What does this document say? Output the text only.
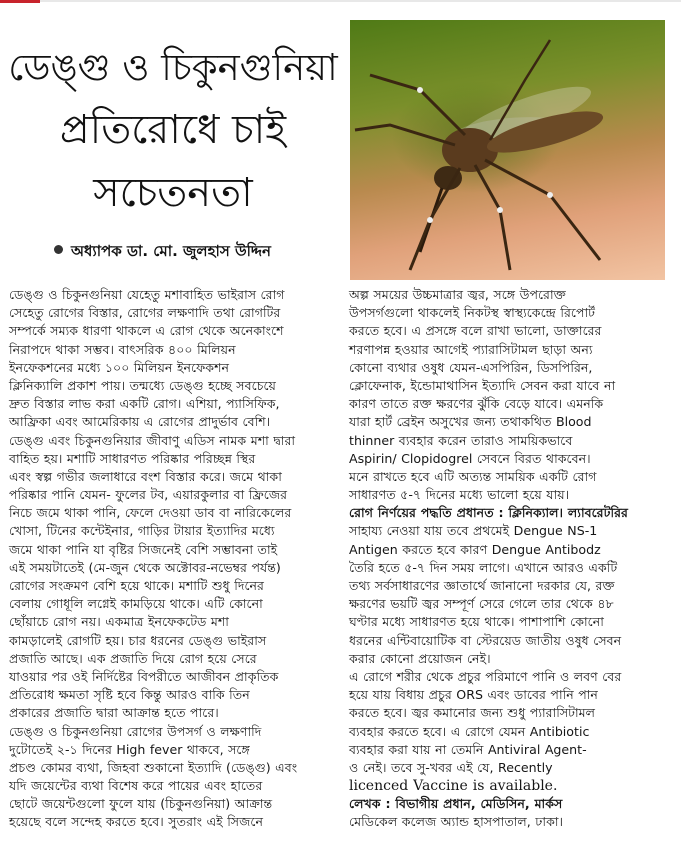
ডেঙ্গু ও চিকুনগুনিয়া
প্রতিরোধে চাই
সচেতনতা
অধ্যাপক ডা. মো. জুলহাস উদ্দিন
ডেঙ্গু ও চিকুনগুনিয়া যেহেতু মশাবাহিত ভাইরাস রোগ
সেহেতু রোগের বিস্তার, রোগের লক্ষণাদি তথা রোগটির
সম্পর্কে সম্যক ধারণা থাকলে এ রোগ থেকে অনেকাংশে
নিরাপদে থাকা সম্ভব। বাৎসরিক ৪০০ মিলিয়ন
ইনফেকশনের মধ্যে ১০০ মিলিয়ন ইনফেকশন
ক্লিনিক্যালি প্রকাশ পায়। তন্মধ্যে ডেঙ্গু হচ্ছে সবচেয়ে
দ্রুত বিস্তার লাভ করা একটি রোগ। এশিয়া, প্যাসিফিক,
আফ্রিকা এবং আমেরিকায় এ রোগের প্রাদুর্ভাব বেশি।
ডেঙ্গু এবং চিকুনগুনিয়ার জীবাণু এডিস নামক মশা দ্বারা
বাহিত হয়। মশাটি সাধারণত পরিষ্কার পরিচ্ছন্ন স্থির
এবং স্বল্প গভীর জলাধারে বংশ বিস্তার করে। জমে থাকা
পরিষ্কার পানি যেমন- ফুলের টব, এয়ারকুলার বা ফ্রিজের
নিচে জমে থাকা পানি, ফেলে দেওয়া ডাব বা নারিকেলের
খোসা, টিনের কন্টেইনার, গাড়ির টায়ার ইত্যাদির মধ্যে
জমে থাকা পানি যা বৃষ্টির সিজনেই বেশি সম্ভাবনা তাই
এই সময়টাতেই (মে-জুন থেকে অক্টোবর-নভেম্বর পর্যন্ত)
রোগের সংক্রমণ বেশি হয়ে থাকে। মশাটি শুধু দিনের
বেলায় গোধূলি লগ্নেই কামড়িয়ে থাকে। এটি কোনো
ছোঁয়াচে রোগ নয়। একমাত্র ইনফেকটেড মশা
কামড়ালেই রোগটি হয়। চার ধরনের ডেঙ্গু ভাইরাস
প্রজাতি আছে। এক প্রজাতি দিয়ে রোগ হয়ে সেরে
যাওয়ার পর ওই নির্দিষ্টের বিপরীতে আজীবন প্রাকৃতিক
প্রতিরোধ ক্ষমতা সৃষ্টি হবে কিন্তু আরও বাকি তিন
প্রকারের প্রজাতি দ্বারা আক্রান্ত হতে পারে।
ডেঙ্গু ও চিকুনগুনিয়া রোগের উপসর্গ ও লক্ষণাদি
দুটোতেই ২-১ দিনের High fever থাকবে, সঙ্গে
প্রচণ্ড কোমর ব্যথা, জিহবা শুকানো ইত্যাদি (ডেঙ্গু) এবং
যদি জয়েন্টের ব্যথা বিশেষ করে পায়ের এবং হাতের
ছোটে জয়েন্টগুলো ফুলে যায় (চিকুনগুনিয়া) আক্রান্ত
হয়েছে বলে সন্দেহ করতে হবে। সুতরাং এই সিজনে
অল্প সময়ের উচ্চমাত্রার জ্বর, সঙ্গে উপরোক্ত
উপসর্গগুলো থাকলেই নিকটস্থ স্বাস্থ্যকেন্দ্রে রিপোর্ট
করতে হবে। এ প্রসঙ্গে বলে রাখা ভালো, ডাক্তারের
শরণাপন্ন হওয়ার আগেই প্যারাসিটামল ছাড়া অন্য
কোনো ব্যথার ওষুধ যেমন-এসপিরিন, ডিসপিরিন,
ক্লোফেনাক, ইন্ডোমাথাসিন ইত্যাদি সেবন করা যাবে না
কারণ তাতে রক্ত ক্ষরণের ঝুঁকি বেড়ে যাবে। এমনকি
যারা হার্ট ব্রেইন অসুখের জন্য তথাকথিত Blood
thinner ব্যবহার করেন তারাও সাময়িকভাবে
Aspirin/ Clopidogrel সেবনে বিরত থাকবেন।
মনে রাখতে হবে এটি অত্যন্ত সাময়িক একটি রোগ
সাধারণত ৫-৭ দিনের মধ্যে ভালো হয়ে যায়।
রোগ নির্ণয়ের পদ্ধতি প্রধানত : ক্লিনিক্যাল। ল্যাবরেটরির
সাহায্য নেওয়া যায় তবে প্রথমেই Dengue NS-1
Antigen করতে হবে কারণ Dengue Antibodz
তৈরি হতে ৫-৭ দিন সময় লাগে। এখানে আরও একটি
তথ্য সর্বসাধারণের জ্ঞাতার্থে জানানো দরকার যে, রক্ত
ক্ষরণের ভয়টি জ্বর সম্পূর্ণ সেরে গেলে তার থেকে ৪৮
ঘণ্টার মধ্যে সাধারণত হয়ে থাকে। পাশাপাশি কোনো
ধরনের এন্টিবায়োটিক বা স্টেরয়েড জাতীয় ওষুধ সেবন
করার কোনো প্রয়োজন নেই।
এ রোগে শরীর থেকে প্রচুর পরিমাণে পানি ও লবণ বের
হয়ে যায় বিধায় প্রচুর ORS এবং ডাবের পানি পান
করতে হবে। জ্বর কমানোর জন্য শুধু প্যারাসিটামল
ব্যবহার করতে হবে। এ রোগে যেমন Antibiotic
ব্যবহার করা যায় না তেমনি Antiviral Agent-
ও নেই। তবে সু-খবর এই যে, Recently
licenced Vaccine is available.
লেখক : বিভাগীয় প্রধান, মেডিসিন, মার্কস
মেডিকেল কলেজ অ্যান্ড হাসপাতাল, ঢাকা।
